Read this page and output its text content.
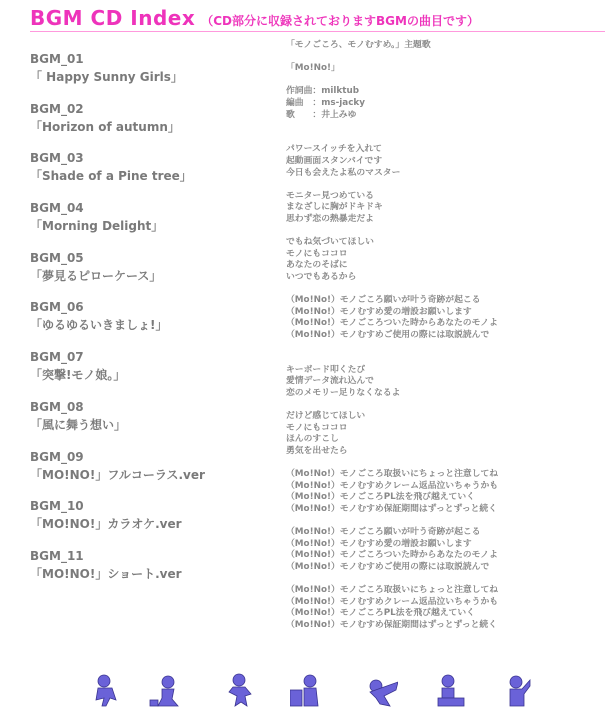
BGM CD Index （CD部分に収録されておりますBGMの曲目です）
BGM_01
「 Happy Sunny Girls」
BGM_02
「Horizon of autumn」
BGM_03
「Shade of a Pine tree」
BGM_04
「Morning Delight」
BGM_05
「夢見るピローケース」
BGM_06
「ゆるゆるいきましょ!」
BGM_07
「突撃!モノ娘。」
BGM_08
「風に舞う想い」
BGM_09
「MO!NO!」フルコーラス.ver
BGM_10
「MO!NO!」カラオケ.ver
BGM_11
「MO!NO!」ショート.ver
「モノごころ、モノむすめ。」主題歌
「Mo!No!」
作詞曲：milktub
編曲　：ms-jacky
歌　　：井上みゆ
パワースイッチを入れて
起動画面スタンバイです
今日も会えたよ私のマスター
モニター見つめている
まなざしに胸がドキドキ
思わず恋の熱暴走だよ
でもね気づいてほしい
モノにもココロ
あなたのそばに
いつでもあるから
（Mo!No!）モノごころ願いが叶う奇跡が起こる
（Mo!No!）モノむすめ愛の増設お願いします
（Mo!No!）モノごころついた時からあなたのモノよ
（Mo!No!）モノむすめご使用の際には取説読んで
キーボード叩くたび
愛情データ流れ込んで
恋のメモリー足りなくなるよ
だけど感じてほしい
モノにもココロ
ほんのすこし
勇気を出せたら
（Mo!No!）モノごころ取扱いにちょっと注意してね
（Mo!No!）モノむすめクレーム返品泣いちゃうかも
（Mo!No!）モノごころPL法を飛び越えていく
（Mo!No!）モノむすめ保証期間はずっとずっと続く
（Mo!No!）モノごころ願いが叶う奇跡が起こる
（Mo!No!）モノむすめ愛の増設お願いします
（Mo!No!）モノごころついた時からあなたのモノよ
（Mo!No!）モノむすめご使用の際には取説読んで
（Mo!No!）モノごころ取扱いにちょっと注意してね
（Mo!No!）モノむすめクレーム返品泣いちゃうかも
（Mo!No!）モノごころPL法を飛び越えていく
（Mo!No!）モノむすめ保証期間はずっとずっと続く
